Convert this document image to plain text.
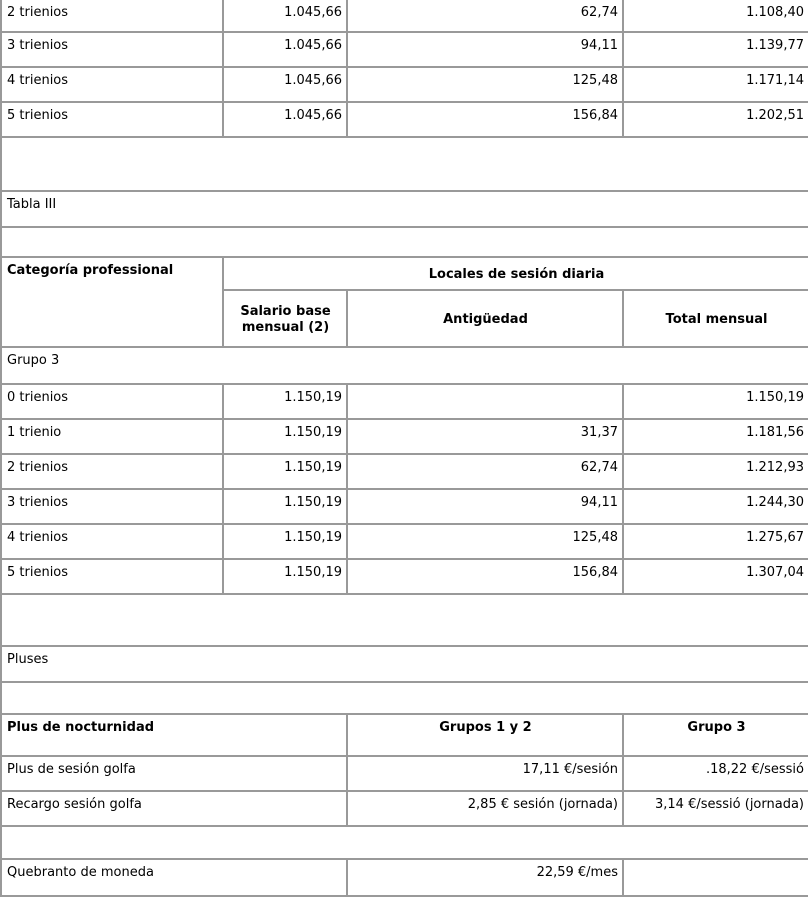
2 trienios	1.045,66	62,74	1.108,40
3 trienios	1.045,66	94,11	1.139,77
4 trienios	1.045,66	125,48	1.171,14
5 trienios	1.045,66	156,84	1.202,51

Tabla III			

Categoría professional	Locales de sesión diaria		
	Salario base mensual (2)	Antigüedad	Total mensual
Grupo 3			
0 trienios	1.150,19		1.150,19
1 trienio	1.150,19	31,37	1.181,56
2 trienios	1.150,19	62,74	1.212,93
3 trienios	1.150,19	94,11	1.244,30
4 trienios	1.150,19	125,48	1.275,67
5 trienios	1.150,19	156,84	1.307,04

Pluses			

Plus de nocturnidad		Grupos 1 y 2	Grupo 3
Plus de sesión golfa		17,11 €/sesión	.18,22 €/sessió
Recargo sesión golfa		2,85 € sesión (jornada)	3,14 €/sessió (jornada)

Quebranto de moneda		22,59 €/mes	
